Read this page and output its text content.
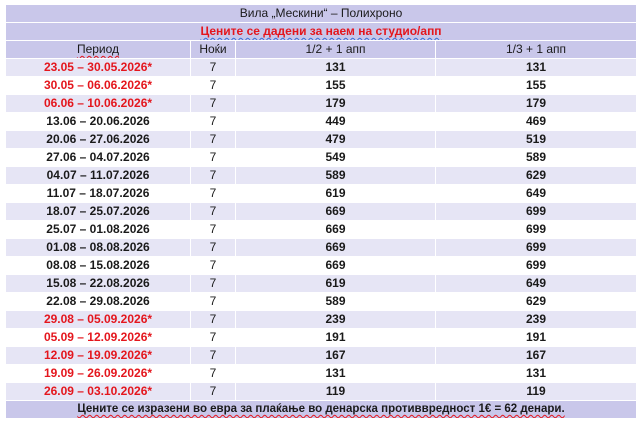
Вила „Мескини“ – Полихроно			
Цените се дадени за наем на студио/апп			
Период	Ноќи	1/2 + 1 апп	1/3 + 1 апп
23.05 – 30.05.2026*	7	131	131
30.05 – 06.06.2026*	7	155	155
06.06 – 10.06.2026*	7	179	179
13.06 – 20.06.2026	7	449	469
20.06 – 27.06.2026	7	479	519
27.06 – 04.07.2026	7	549	589
04.07 – 11.07.2026	7	589	629
11.07 – 18.07.2026	7	619	649
18.07 – 25.07.2026	7	669	699
25.07 – 01.08.2026	7	669	699
01.08 – 08.08.2026	7	669	699
08.08 – 15.08.2026	7	669	699
15.08 – 22.08.2026	7	619	649
22.08 – 29.08.2026	7	589	629
29.08 – 05.09.2026*	7	239	239
05.09 – 12.09.2026*	7	191	191
12.09 – 19.09.2026*	7	167	167
19.09 – 26.09.2026*	7	131	131
26.09 – 03.10.2026*	7	119	119
Цените се изразени во евра за плаќање во денарска противвредност 1€ = 62 денари.			
